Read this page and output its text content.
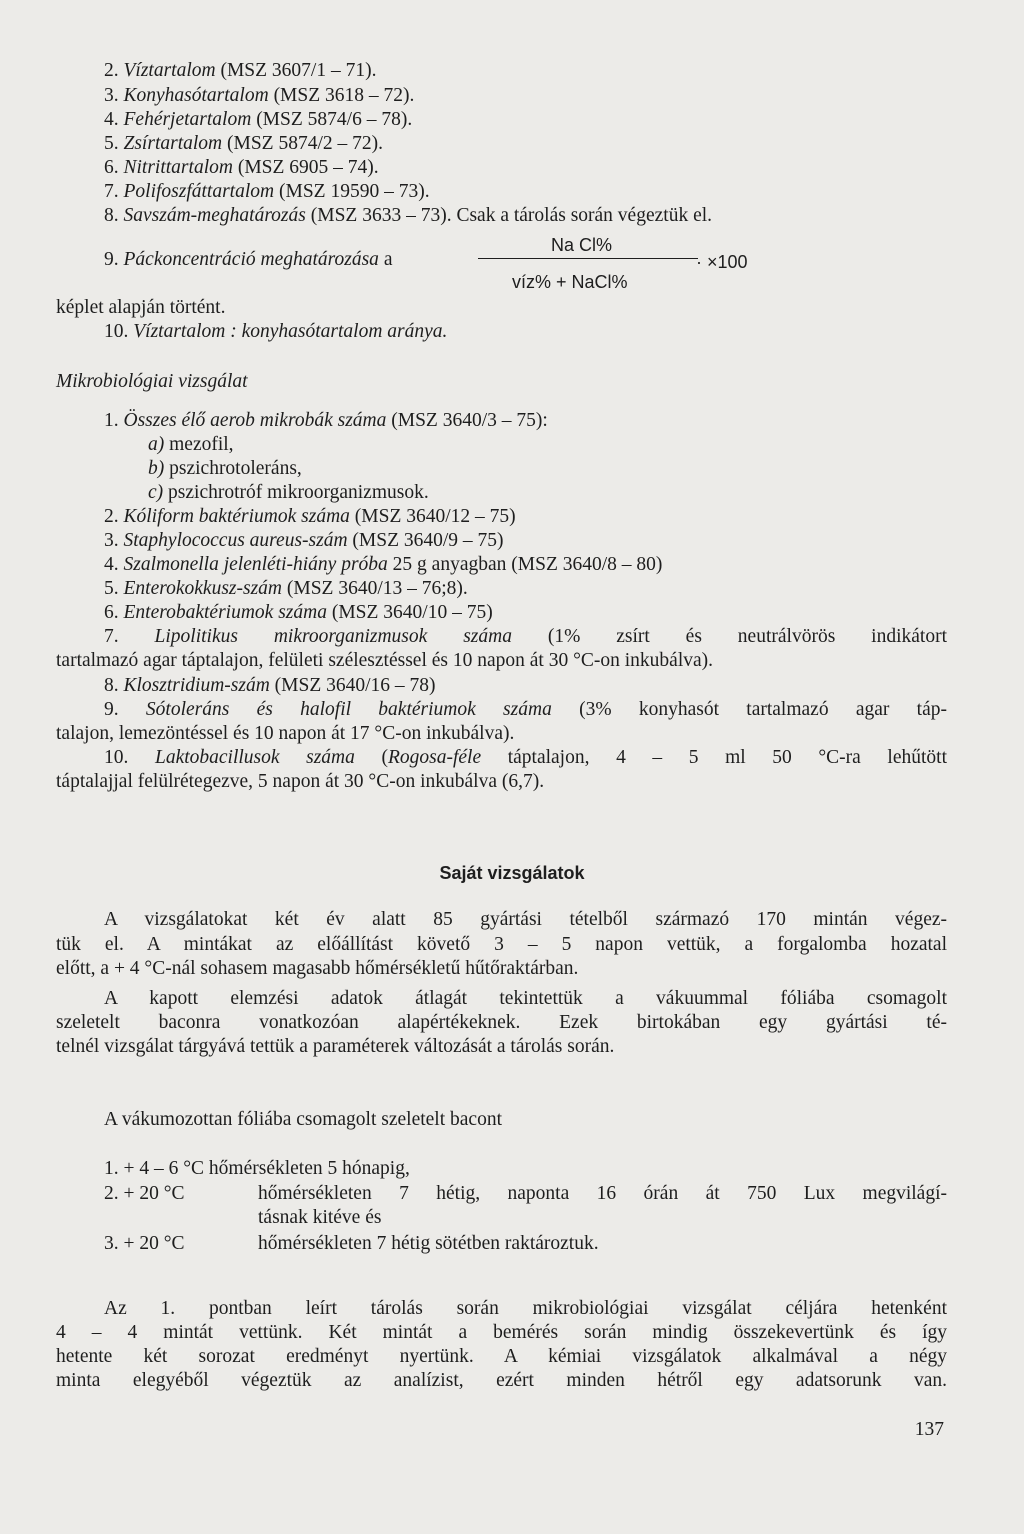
2. Víztartalom (MSZ 3607/1 – 71).
3. Konyhasótartalom (MSZ 3618 – 72).
4. Fehérjetartalom (MSZ 5874/6 – 78).
5. Zsírtartalom (MSZ 5874/2 – 72).
6. Nitrittartalom (MSZ 6905 – 74).
7. Polifoszfáttartalom (MSZ 19590 – 73).
8. Savszám-meghatározás (MSZ 3633 – 73). Csak a tárolás során végeztük el.
9. Páckoncentráció meghatározása a
Na Cl%
víz% + NaCl%
· ×100
képlet alapján történt.
10. Víztartalom : konyhasótartalom aránya.
Mikrobiológiai vizsgálat
1. Összes élő aerob mikrobák száma (MSZ 3640/3 – 75):
a) mezofil,
b) pszichrotoleráns,
c) pszichrotróf mikroorganizmusok.
2. Kóliform baktériumok száma (MSZ 3640/12 – 75)
3. Staphylococcus aureus-szám (MSZ 3640/9 – 75)
4. Szalmonella jelenléti-hiány próba 25 g anyagban (MSZ 3640/8 – 80)
5. Enterokokkusz-szám (MSZ 3640/13 – 76;8).
6. Enterobaktériumok száma (MSZ 3640/10 – 75)
7. Lipolitikus mikroorganizmusok száma (1% zsírt és neutrálvörös indikátort
tartalmazó agar táptalajon, felületi szélesztéssel és 10 napon át 30 °C-on inkubálva).
8. Klosztridium-szám (MSZ 3640/16 – 78)
9. Sótoleráns és halofil baktériumok száma (3% konyhasót tartalmazó agar táp-
talajon, lemezöntéssel és 10 napon át 17 °C-on inkubálva).
10. Laktobacillusok száma (Rogosa-féle táptalajon, 4 – 5 ml 50 °C-ra lehűtött
táptalajjal felülrétegezve, 5 napon át 30 °C-on inkubálva (6,7).
Saját vizsgálatok
A vizsgálatokat két év alatt 85 gyártási tételből származó 170 mintán végez-
tük el. A mintákat az előállítást követő 3 – 5 napon vettük, a forgalomba hozatal
előtt, a + 4 °C-nál sohasem magasabb hőmérsékletű hűtőraktárban.
A kapott elemzési adatok átlagát tekintettük a vákuummal fóliába csomagolt
szeletelt baconra vonatkozóan alapértékeknek. Ezek birtokában egy gyártási té-
telnél vizsgálat tárgyává tettük a paraméterek változását a tárolás során.
A vákumozottan fóliába csomagolt szeletelt bacont
1. + 4 – 6 °C hőmérsékleten 5 hónapig,
2. + 20 °C	hőmérsékleten 7 hétig, naponta 16 órán át 750 Lux megvilágí-
tásnak kitéve és
3. + 20 °C	hőmérsékleten 7 hétig sötétben raktároztuk.
Az 1. pontban leírt tárolás során mikrobiológiai vizsgálat céljára hetenként
4 – 4 mintát vettünk. Két mintát a bemérés során mindig összekevertünk és így
hetente két sorozat eredményt nyertünk. A kémiai vizsgálatok alkalmával a négy
minta elegyéből végeztük az analízist, ezért minden hétről egy adatsorunk van.
137
